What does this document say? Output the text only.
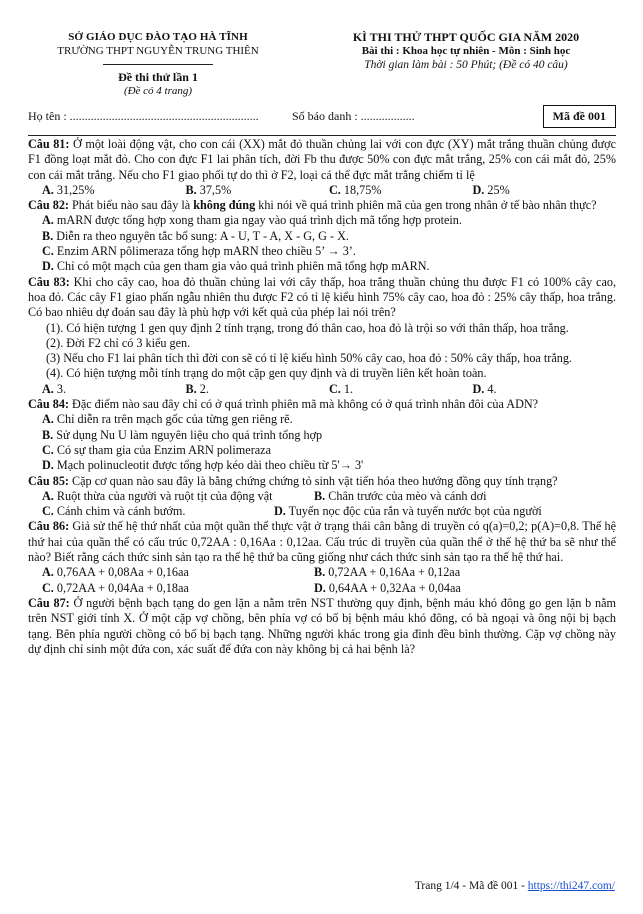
SỞ GIÁO DỤC ĐÀO TẠO HÀ TĨNH
TRƯỜNG THPT NGUYỄN TRUNG THIÊN
Đề thi thử lần 1
(Đề có 4 trang)
KÌ THI THỬ THPT QUỐC GIA NĂM 2020
Bài thi : Khoa học tự nhiên - Môn : Sinh học
Thời gian làm bài : 50 Phút; (Đề có 40 câu)
Họ tên : ...............................................................	Số báo danh : ..................	Mã đề 001

Câu 81: Ở một loài động vật, cho con cái (XX) mắt đỏ thuần chủng lai với con đực (XY) mắt trắng thuần chủng được F1 đồng loạt mắt đỏ. Cho con đực F1 lai phân tích, đời Fb thu được 50% con đực mắt trắng, 25% con cái mắt đỏ, 25% con cái mắt trắng. Nếu cho F1 giao phối tự do thì ở F2, loại cá thể đực mắt trắng chiếm tỉ lệ

A. 31,25%	B. 37,5%	C. 18,75%	D. 25%

Câu 82: Phát biểu nào sau đây là không đúng khi nói về quá trình phiên mã của gen trong nhân ở tế bào nhân thực?

A. mARN được tổng hợp xong tham gia ngay vào quá trình dịch mã tổng hợp protein.
B. Diễn ra theo nguyên tắc bổ sung: A - U, T - A, X - G, G - X.
C. Enzim ARN pôlimeraza tổng hợp mARN theo chiều 5’ → 3’.
D. Chỉ có một mạch của gen tham gia vào quá trình phiên mã tổng hợp mARN.

Câu 83: Khi cho cây cao, hoa đỏ thuần chủng lai với cây thấp, hoa trắng thuần chủng thu được F1 có 100% cây cao, hoa đỏ. Các cây F1 giao phấn ngẫu nhiên thu được F2 có tỉ lệ kiểu hình 75% cây cao, hoa đỏ : 25% cây thấp, hoa trắng. Có bao nhiêu dự đoán sau đây là phù hợp với kết quả của phép lai nói trên?

(1). Có hiện tượng 1 gen quy định 2 tính trạng, trong đó thân cao, hoa đỏ là trội so với thân thấp, hoa trắng.

(2). Đời F2 chỉ có 3 kiểu gen.

(3) Nếu cho F1 lai phân tích thì đời con sẽ có tỉ lệ kiểu hình 50% cây cao, hoa đỏ : 50% cây thấp, hoa trắng.

(4). Có hiện tượng mỗi tính trạng do một cặp gen quy định và di truyền liên kết hoàn toàn.

A. 3.	B. 2.	C. 1.	D. 4.

Câu 84: Đặc điểm nào sau đây chỉ có ở quá trình phiên mã mà không có ở quá trình nhân đôi của ADN?

A. Chỉ diễn ra trên mạch gốc của từng gen riêng rẽ.
B. Sử dụng Nu U làm nguyên liệu cho quá trình tổng hợp
C. Có sự tham gia của Enzim ARN polimeraza
D. Mạch polinucleotit được tổng hợp kéo dài theo chiều từ 5'→ 3'

Câu 85: Cặp cơ quan nào sau đây là bằng chứng chứng tỏ sinh vật tiến hóa theo hướng đồng quy tính trạng?

A. Ruột thừa của người và ruột tịt của động vật	B. Chân trước của mèo và cánh dơi
C. Cánh chim và cánh bướm.	D. Tuyến nọc độc của rắn và tuyến nước bọt của người

Câu 86: Giả sử thế hệ thứ nhất của một quần thể thực vật ở trạng thái cân bằng di truyền có q(a)=0,2; p(A)=0,8. Thế hệ thứ hai của quần thể có cấu trúc 0,72AA : 0,16Aa : 0,12aa. Cấu trúc di truyền của quần thể ở thế hệ thứ ba sẽ như thế nào? Biết rằng cách thức sinh sản tạo ra thế hệ thứ ba cũng giống như cách thức sinh sản tạo ra thế hệ thứ hai.

A. 0,76AA + 0,08Aa + 0,16aa	B. 0,72AA + 0,16Aa + 0,12aa
C. 0,72AA + 0,04Aa + 0,18aa	D. 0,64AA + 0,32Aa + 0,04aa

Câu 87: Ở người bệnh bạch tạng do gen lặn a nằm trên NST thường quy định, bệnh máu khó đông go gen lặn b nằm trên NST giới tính X. Ở một cặp vợ chồng, bên phía vợ có bố bị bệnh máu khó đông, có bà ngoại và ông nội bị bạch tạng. Bên phía người chồng có bố bị bạch tạng. Những người khác trong gia đình đều bình thường. Cặp vợ chồng này dự định chỉ sinh một đứa con, xác suất để đứa con này không bị cả hai bệnh là?

Trang 1/4 - Mã đề 001 - https://thi247.com/
